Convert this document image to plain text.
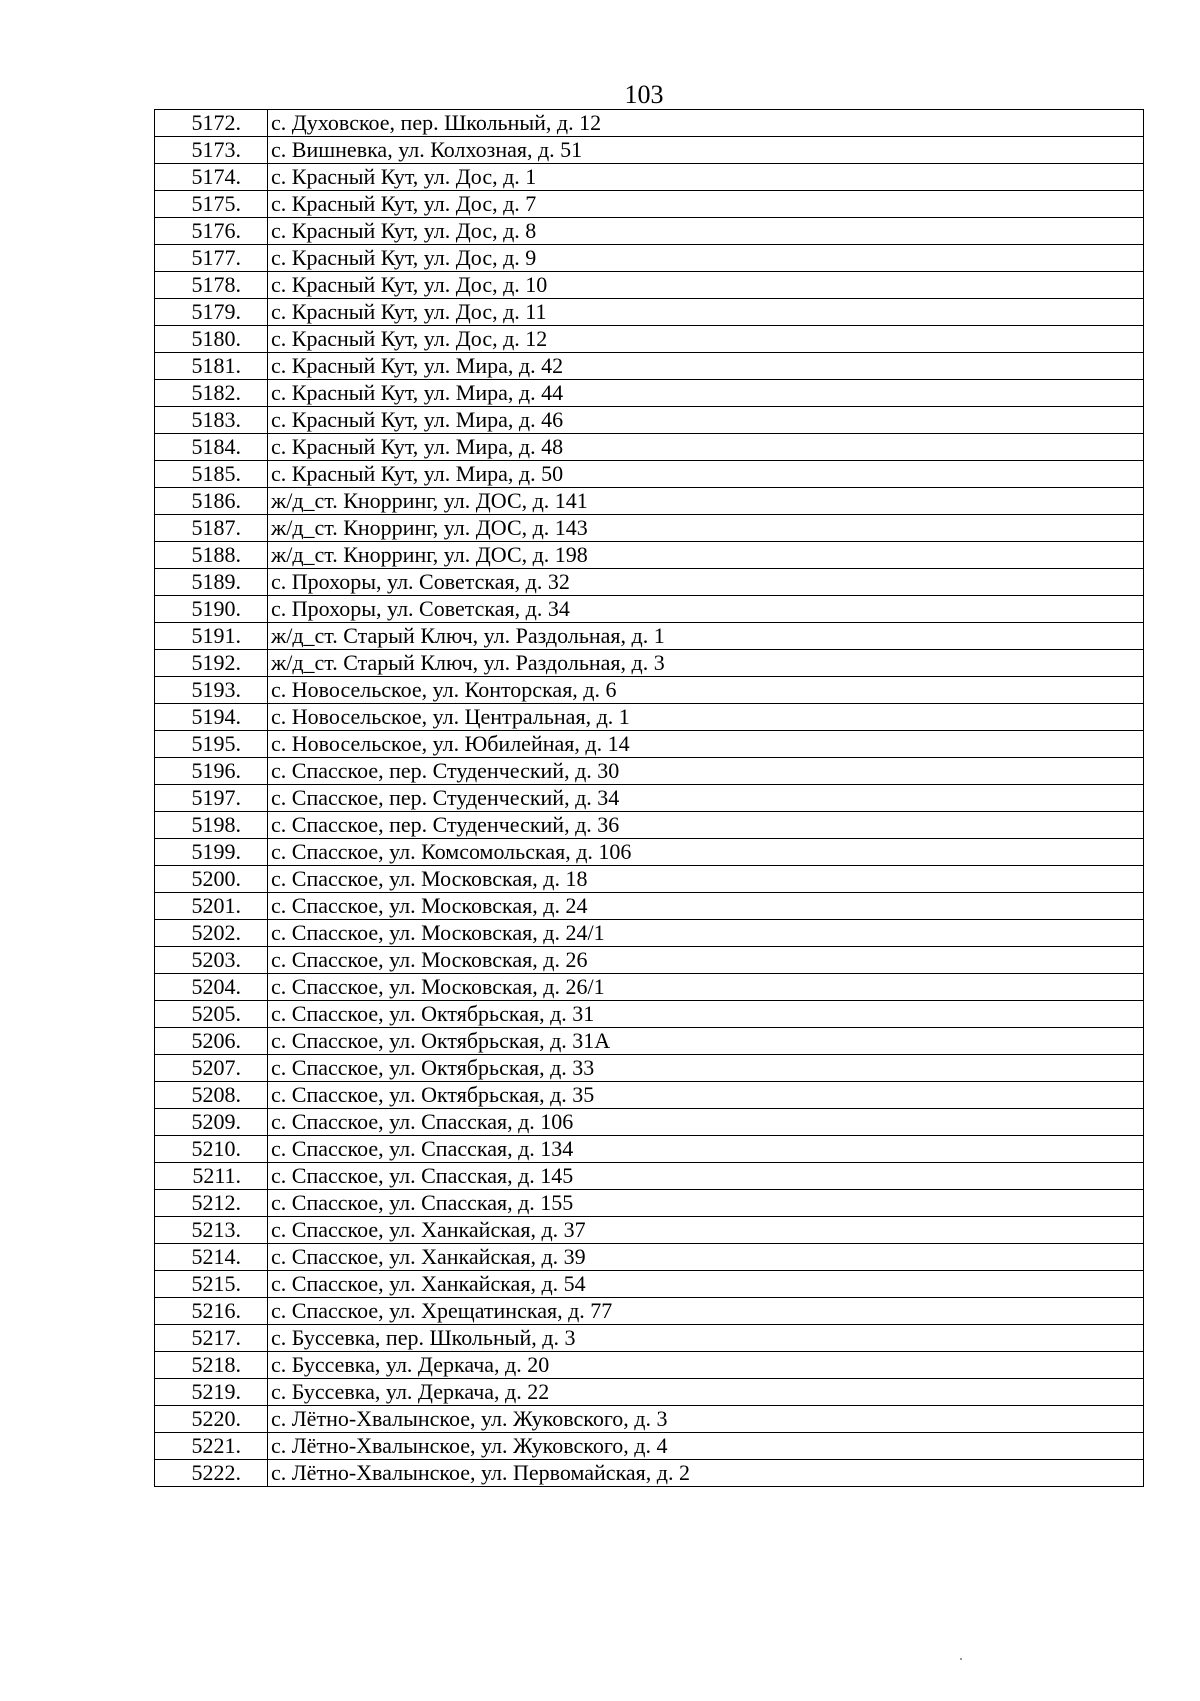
103
5172.	с. Духовское, пер. Школьный, д. 12
5173.	с. Вишневка, ул. Колхозная, д. 51
5174.	с. Красный Кут, ул. Дос, д. 1
5175.	с. Красный Кут, ул. Дос, д. 7
5176.	с. Красный Кут, ул. Дос, д. 8
5177.	с. Красный Кут, ул. Дос, д. 9
5178.	с. Красный Кут, ул. Дос, д. 10
5179.	с. Красный Кут, ул. Дос, д. 11
5180.	с. Красный Кут, ул. Дос, д. 12
5181.	с. Красный Кут, ул. Мира, д. 42
5182.	с. Красный Кут, ул. Мира, д. 44
5183.	с. Красный Кут, ул. Мира, д. 46
5184.	с. Красный Кут, ул. Мира, д. 48
5185.	с. Красный Кут, ул. Мира, д. 50
5186.	ж/д_ст. Кнорринг, ул. ДОС, д. 141
5187.	ж/д_ст. Кнорринг, ул. ДОС, д. 143
5188.	ж/д_ст. Кнорринг, ул. ДОС, д. 198
5189.	с. Прохоры, ул. Советская, д. 32
5190.	с. Прохоры, ул. Советская, д. 34
5191.	ж/д_ст. Старый Ключ, ул. Раздольная, д. 1
5192.	ж/д_ст. Старый Ключ, ул. Раздольная, д. 3
5193.	с. Новосельское, ул. Конторская, д. 6
5194.	с. Новосельское, ул. Центральная, д. 1
5195.	с. Новосельское, ул. Юбилейная, д. 14
5196.	с. Спасское, пер. Студенческий, д. 30
5197.	с. Спасское, пер. Студенческий, д. 34
5198.	с. Спасское, пер. Студенческий, д. 36
5199.	с. Спасское, ул. Комсомольская, д. 106
5200.	с. Спасское, ул. Московская, д. 18
5201.	с. Спасское, ул. Московская, д. 24
5202.	с. Спасское, ул. Московская, д. 24/1
5203.	с. Спасское, ул. Московская, д. 26
5204.	с. Спасское, ул. Московская, д. 26/1
5205.	с. Спасское, ул. Октябрьская, д. 31
5206.	с. Спасское, ул. Октябрьская, д. 31А
5207.	с. Спасское, ул. Октябрьская, д. 33
5208.	с. Спасское, ул. Октябрьская, д. 35
5209.	с. Спасское, ул. Спасская, д. 106
5210.	с. Спасское, ул. Спасская, д. 134
5211.	с. Спасское, ул. Спасская, д. 145
5212.	с. Спасское, ул. Спасская, д. 155
5213.	с. Спасское, ул. Ханкайская, д. 37
5214.	с. Спасское, ул. Ханкайская, д. 39
5215.	с. Спасское, ул. Ханкайская, д. 54
5216.	с. Спасское, ул. Хрещатинская, д. 77
5217.	с. Буссевка, пер. Школьный, д. 3
5218.	с. Буссевка, ул. Деркача, д. 20
5219.	с. Буссевка, ул. Деркача, д. 22
5220.	с. Лётно-Хвалынское, ул. Жуковского, д. 3
5221.	с. Лётно-Хвалынское, ул. Жуковского, д. 4
5222.	с. Лётно-Хвалынское, ул. Первомайская, д. 2
